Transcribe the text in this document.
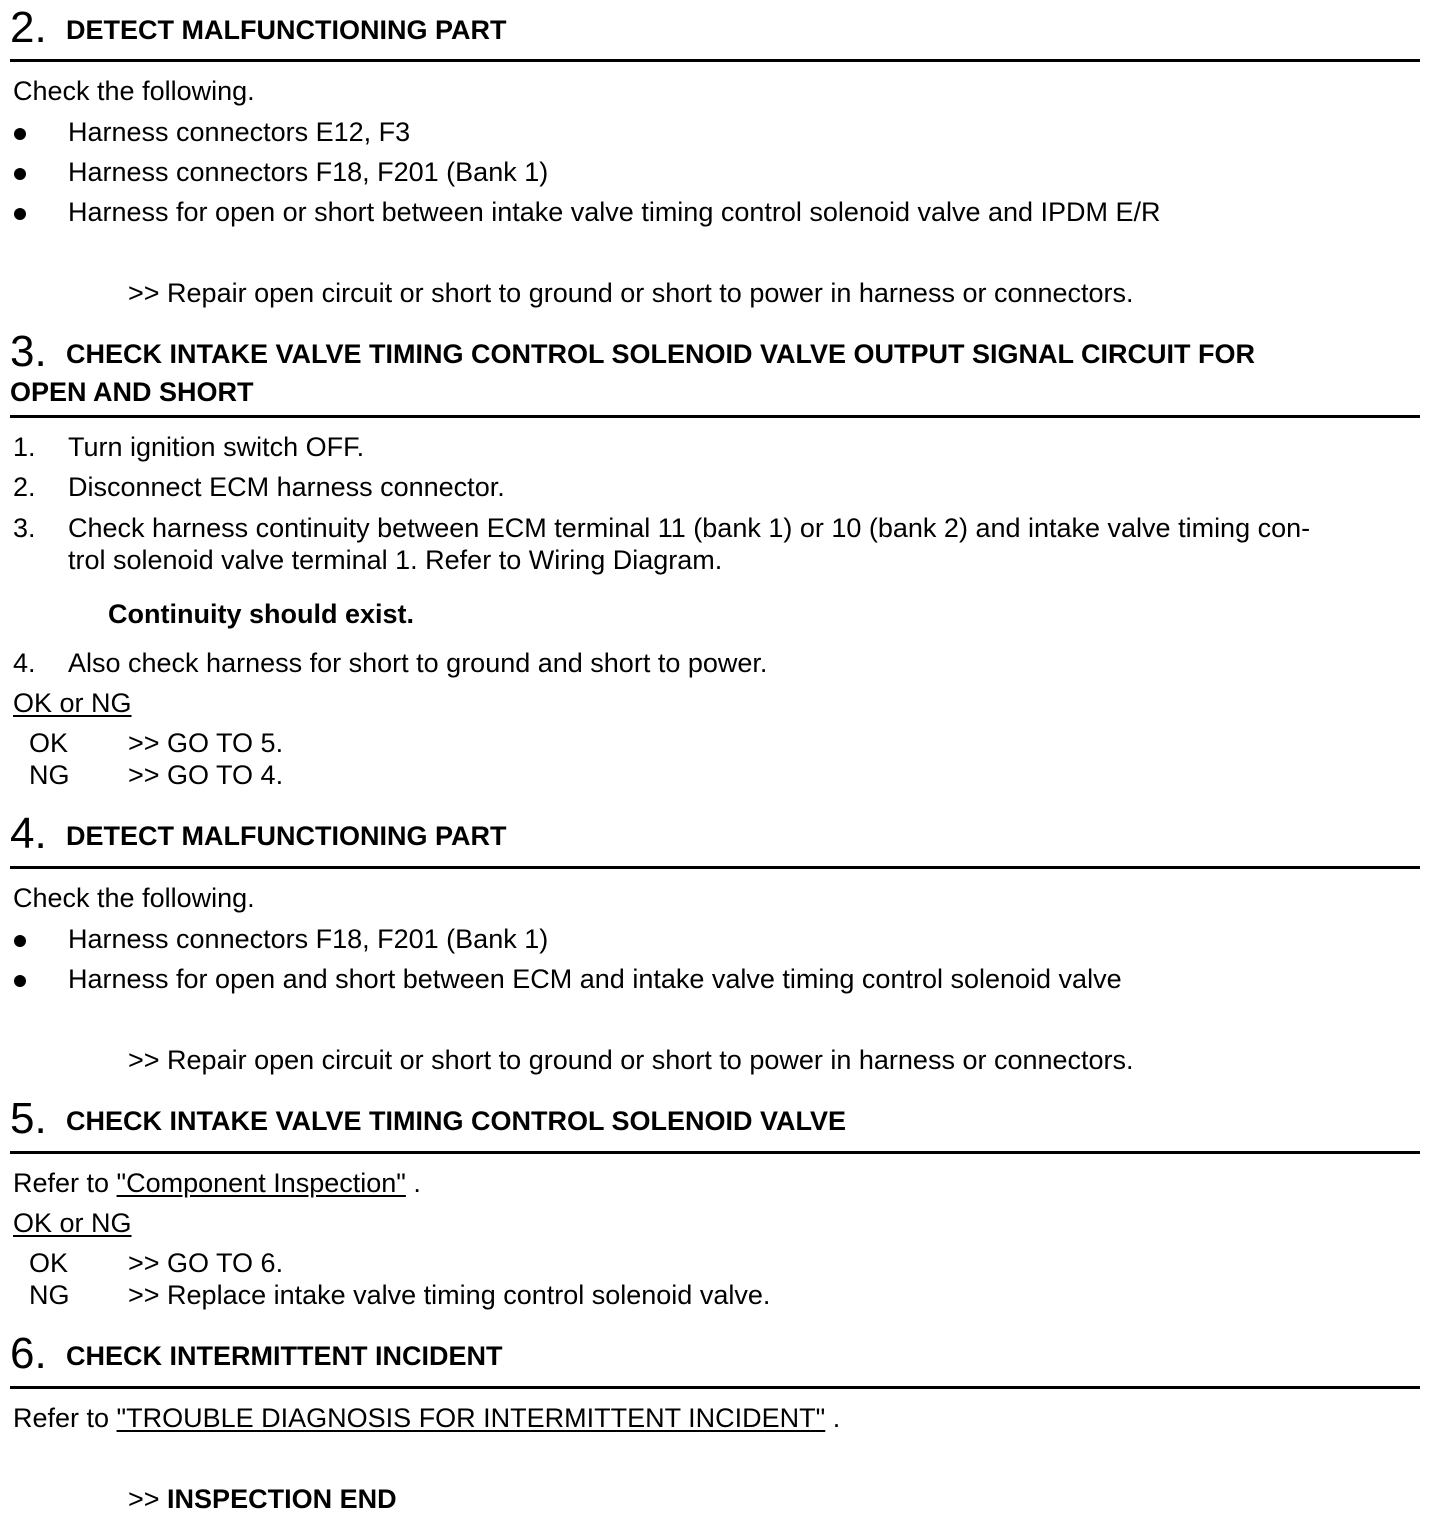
2. DETECT MALFUNCTIONING PART
Check the following.
Harness connectors E12, F3
Harness connectors F18, F201 (Bank 1)
Harness for open or short between intake valve timing control solenoid valve and IPDM E/R
>> Repair open circuit or short to ground or short to power in harness or connectors.
3. CHECK INTAKE VALVE TIMING CONTROL SOLENOID VALVE OUTPUT SIGNAL CIRCUIT FOR
OPEN AND SHORT
1. Turn ignition switch OFF.
2. Disconnect ECM harness connector.
3. Check harness continuity between ECM terminal 11 (bank 1) or 10 (bank 2) and intake valve timing con-
trol solenoid valve terminal 1. Refer to Wiring Diagram.
Continuity should exist.
4. Also check harness for short to ground and short to power.
OK or NG
OK >> GO TO 5.
NG >> GO TO 4.
4. DETECT MALFUNCTIONING PART
Check the following.
Harness connectors F18, F201 (Bank 1)
Harness for open and short between ECM and intake valve timing control solenoid valve
>> Repair open circuit or short to ground or short to power in harness or connectors.
5. CHECK INTAKE VALVE TIMING CONTROL SOLENOID VALVE
Refer to "Component Inspection" .
OK or NG
OK >> GO TO 6.
NG >> Replace intake valve timing control solenoid valve.
6. CHECK INTERMITTENT INCIDENT
Refer to "TROUBLE DIAGNOSIS FOR INTERMITTENT INCIDENT" .
>> INSPECTION END
